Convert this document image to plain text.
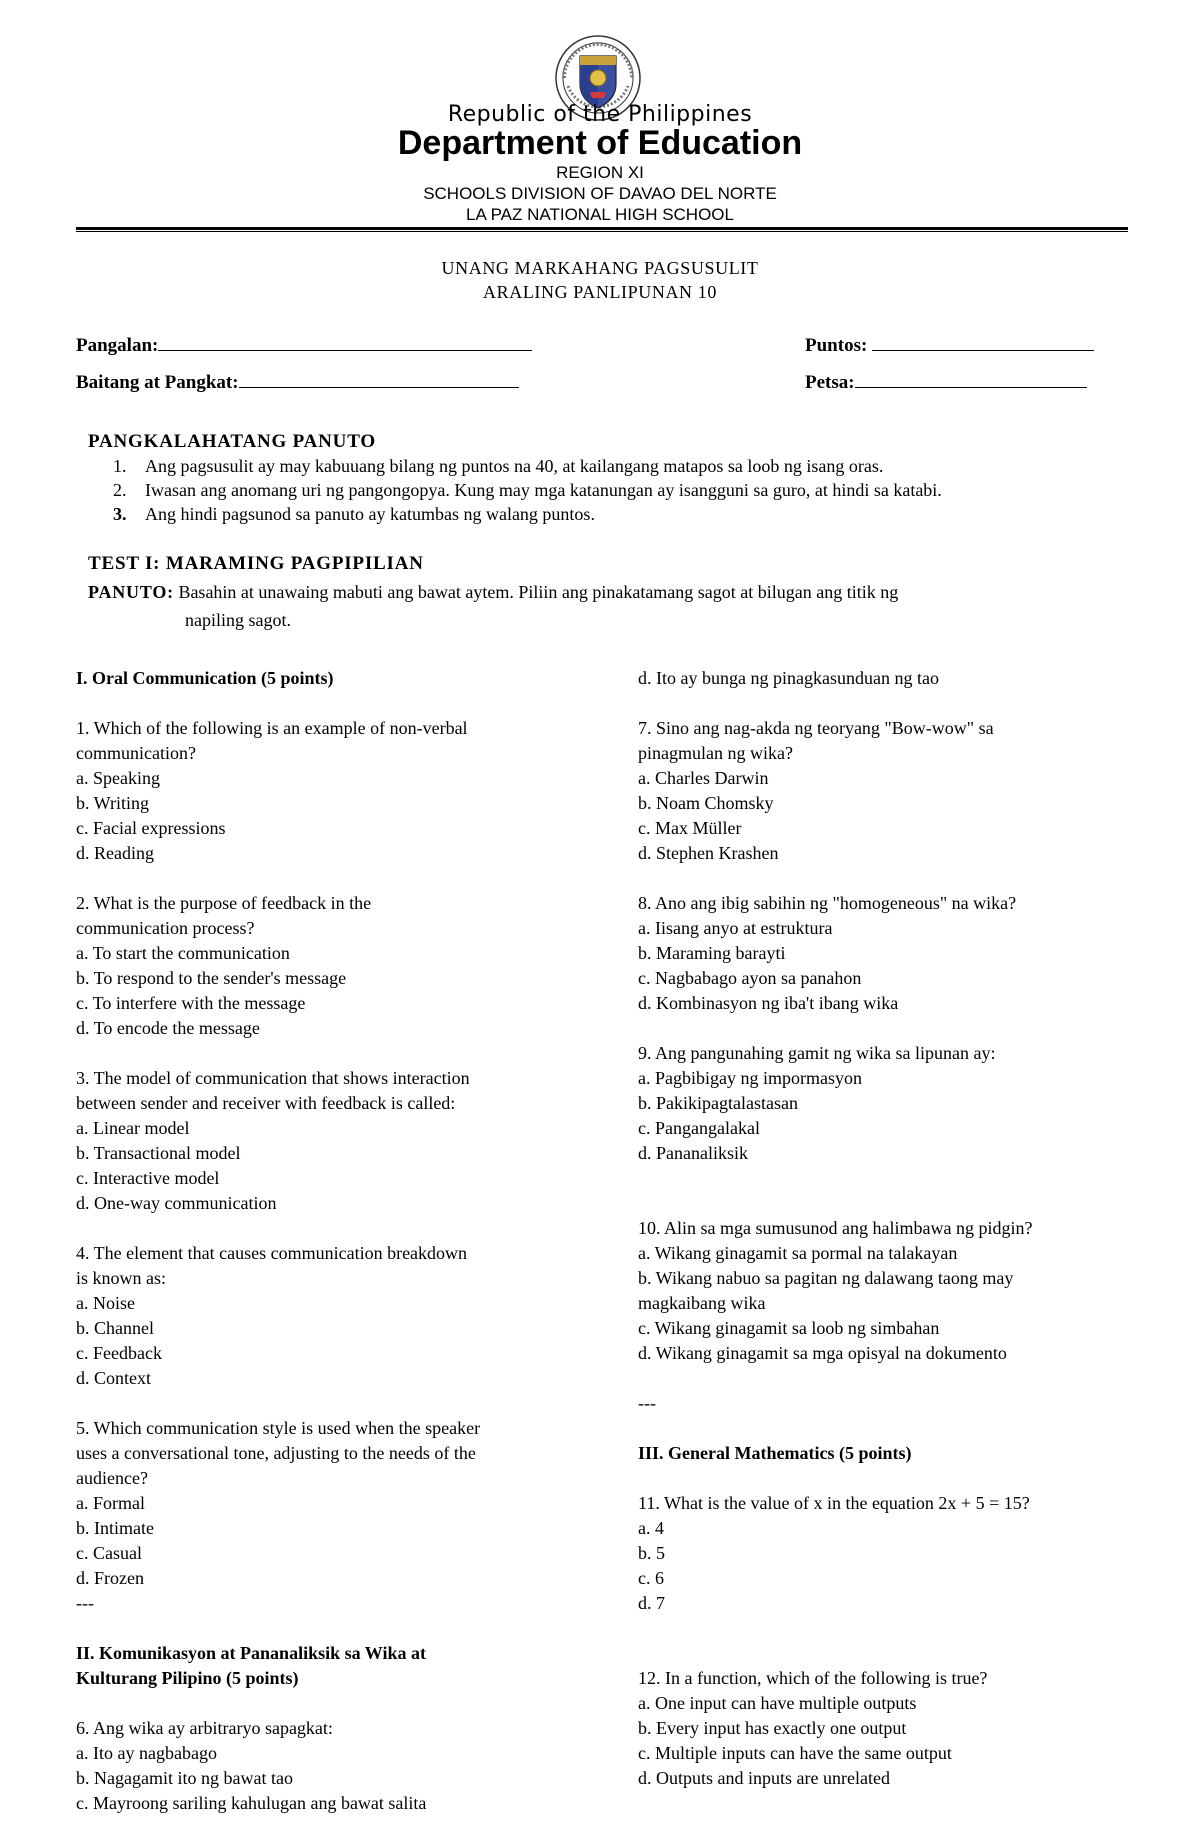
Republic of the Philippines
Department of Education
REGION XI
SCHOOLS DIVISION OF DAVAO DEL NORTE
LA PAZ NATIONAL HIGH SCHOOL
UNANG MARKAHANG PAGSUSULIT
ARALING PANLIPUNAN 10
Pangalan:	Puntos:
Baitang at Pangkat:	Petsa:
PANGKALAHATANG PANUTO
1. Ang pagsusulit ay may kabuuang bilang ng puntos na 40, at kailangang matapos sa loob ng isang oras.
2. Iwasan ang anomang uri ng pangongopya. Kung may mga katanungan ay isangguni sa guro, at hindi sa katabi.
3. Ang hindi pagsunod sa panuto ay katumbas ng walang puntos.
TEST I: MARAMING PAGPIPILIAN
PANUTO: Basahin at unawaing mabuti ang bawat aytem. Piliin ang pinakatamang sagot at bilugan ang titik ng
napiling sagot.
I. Oral Communication (5 points)
1. Which of the following is an example of non-verbal
communication?
a. Speaking
b. Writing
c. Facial expressions
d. Reading
2. What is the purpose of feedback in the
communication process?
a. To start the communication
b. To respond to the sender's message
c. To interfere with the message
d. To encode the message
3. The model of communication that shows interaction
between sender and receiver with feedback is called:
a. Linear model
b. Transactional model
c. Interactive model
d. One-way communication
4. The element that causes communication breakdown
is known as:
a. Noise
b. Channel
c. Feedback
d. Context
5. Which communication style is used when the speaker
uses a conversational tone, adjusting to the needs of the
audience?
a. Formal
b. Intimate
c. Casual
d. Frozen
---
II. Komunikasyon at Pananaliksik sa Wika at
Kulturang Pilipino (5 points)
6. Ang wika ay arbitraryo sapagkat:
a. Ito ay nagbabago
b. Nagagamit ito ng bawat tao
c. Mayroong sariling kahulugan ang bawat salita
d. Ito ay bunga ng pinagkasunduan ng tao
7. Sino ang nag-akda ng teoryang "Bow-wow" sa
pinagmulan ng wika?
a. Charles Darwin
b. Noam Chomsky
c. Max Müller
d. Stephen Krashen
8. Ano ang ibig sabihin ng "homogeneous" na wika?
a. Iisang anyo at estruktura
b. Maraming barayti
c. Nagbabago ayon sa panahon
d. Kombinasyon ng iba't ibang wika
9. Ang pangunahing gamit ng wika sa lipunan ay:
a. Pagbibigay ng impormasyon
b. Pakikipagtalastasan
c. Pangangalakal
d. Pananaliksik
10. Alin sa mga sumusunod ang halimbawa ng pidgin?
a. Wikang ginagamit sa pormal na talakayan
b. Wikang nabuo sa pagitan ng dalawang taong may
magkaibang wika
c. Wikang ginagamit sa loob ng simbahan
d. Wikang ginagamit sa mga opisyal na dokumento
---
III. General Mathematics (5 points)
11. What is the value of x in the equation 2x + 5 = 15?
a. 4
b. 5
c. 6
d. 7
12. In a function, which of the following is true?
a. One input can have multiple outputs
b. Every input has exactly one output
c. Multiple inputs can have the same output
d. Outputs and inputs are unrelated
